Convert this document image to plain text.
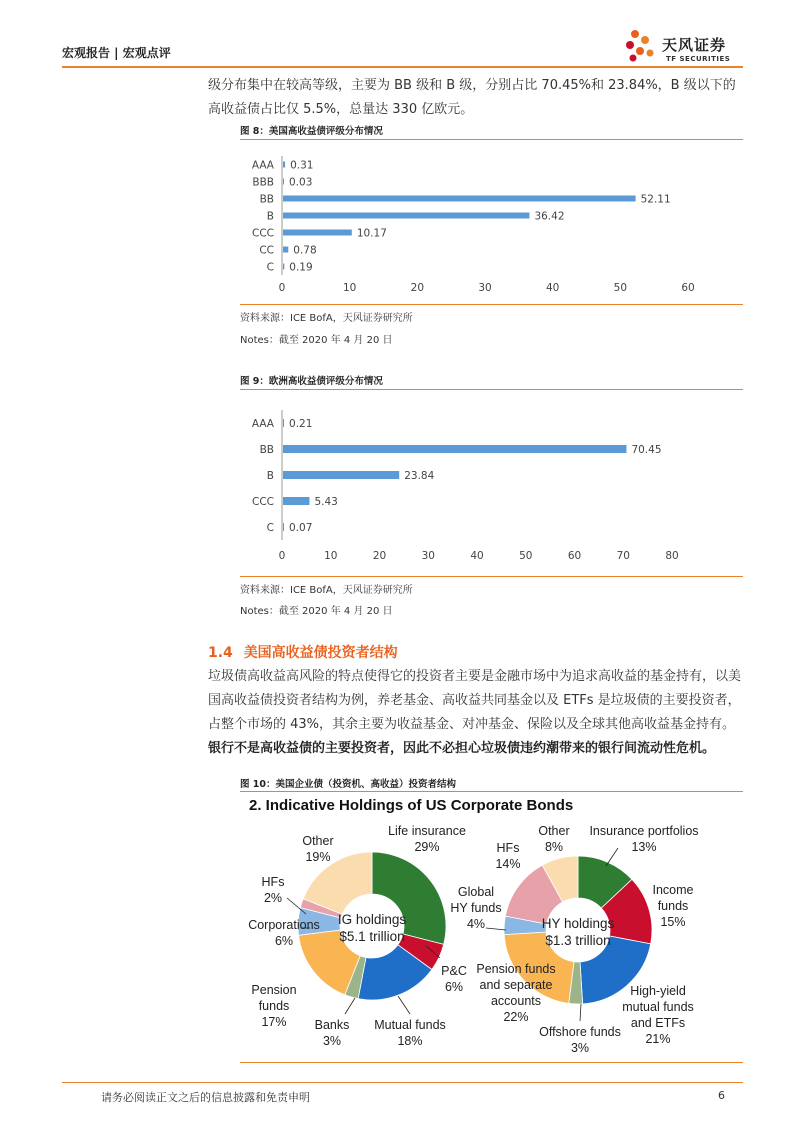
宏观报告 | 宏观点评	天风证券
TF SECURITIES
级分布集中在较高等级，主要为 BB 级和 B 级，分别占比 70.45%和 23.84%，B 级以下的高收益债占比仅 5.5%，总量达 330 亿欧元。
图 8：美国高收益债评级分布情况
AAA 0.31
BBB 0.03
BB	52.11
B	36.42
CCC	10.17
CC 0.78
C 0.19
0	10	20	30	40	50	60
资料来源：ICE BofA，天风证券研究所
Notes：截至 2020 年 4 月 20 日
图 9：欧洲高收益债评级分布情况
AAA 0.21
BB	70.45
B	23.84
CCC	5.43
C 0.07
0	10	20	30	40	50	60	70	80
资料来源：ICE BofA，天风证券研究所
Notes：截至 2020 年 4 月 20 日
1.4 美国高收益债投资者结构
垃圾债高收益高风险的特点使得它的投资者主要是金融市场中为追求高收益的基金持有，以美国高收益债投资者结构为例，养老基金、高收益共同基金以及 ETFs 是垃圾债的主要投资者，占整个市场的 43%，其余主要为收益基金、对冲基金、保险以及全球其他高收益基金持有。银行不是高收益债的主要投资者，因此不必担心垃圾债违约潮带来的银行间流动性危机。
图 10：美国企业债（投资机、高收益）投资者结构
2. Indicative Holdings of US Corporate Bonds
IG holdings
$5.1 trillion
Life insurance 29%
P&C 6%
Mutual funds 18%
Banks 3%
Pension funds 17%
Corporations 6%
HFs 2%
Other 19%
HY holdings
$1.3 trillion
Insurance portfolios 13%
Income funds 15%
High-yield mutual funds and ETFs 21%
Offshore funds 3%
Pension funds and separate accounts 22%
Global HY funds 4%
HFs 14%
Other 8%
请务必阅读正文之后的信息披露和免责申明	6
